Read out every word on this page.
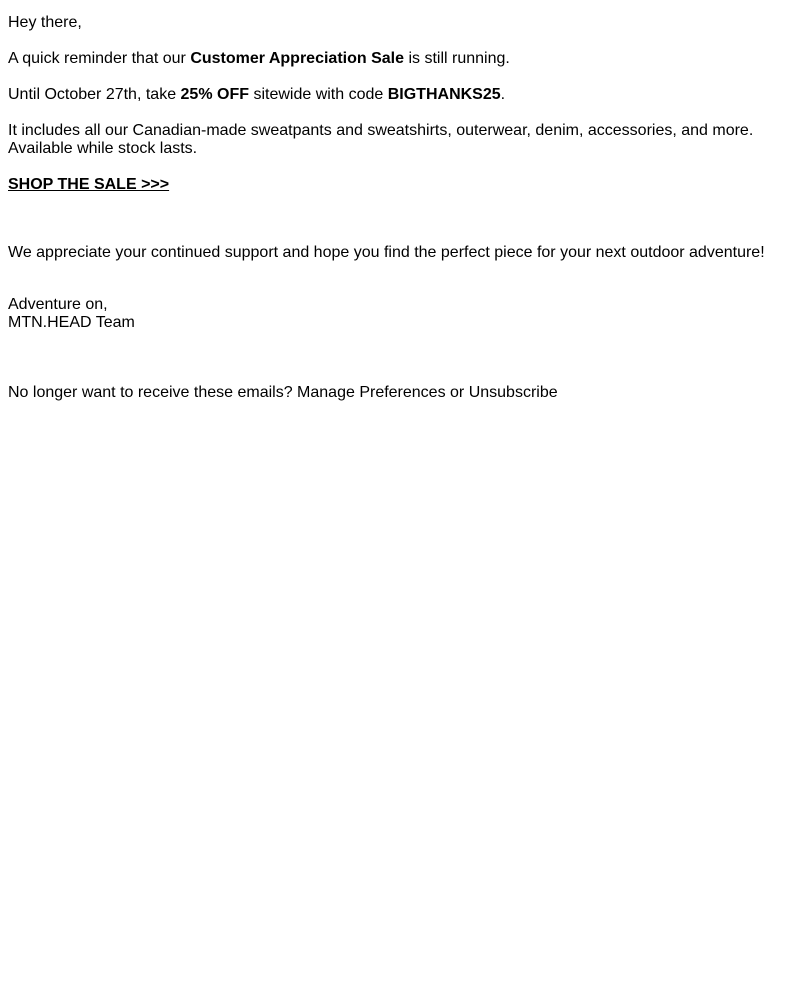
Hey there,

A quick reminder that our Customer Appreciation Sale is still running.

Until October 27th, take 25% OFF sitewide with code BIGTHANKS25.

It includes all our Canadian-made sweatpants and sweatshirts, outerwear, denim, accessories, and more.
Available while stock lasts.

SHOP THE SALE >>>

We appreciate your continued support and hope you find the perfect piece for your next outdoor adventure!

Adventure on,
MTN.HEAD Team

No longer want to receive these emails? Manage Preferences or Unsubscribe
